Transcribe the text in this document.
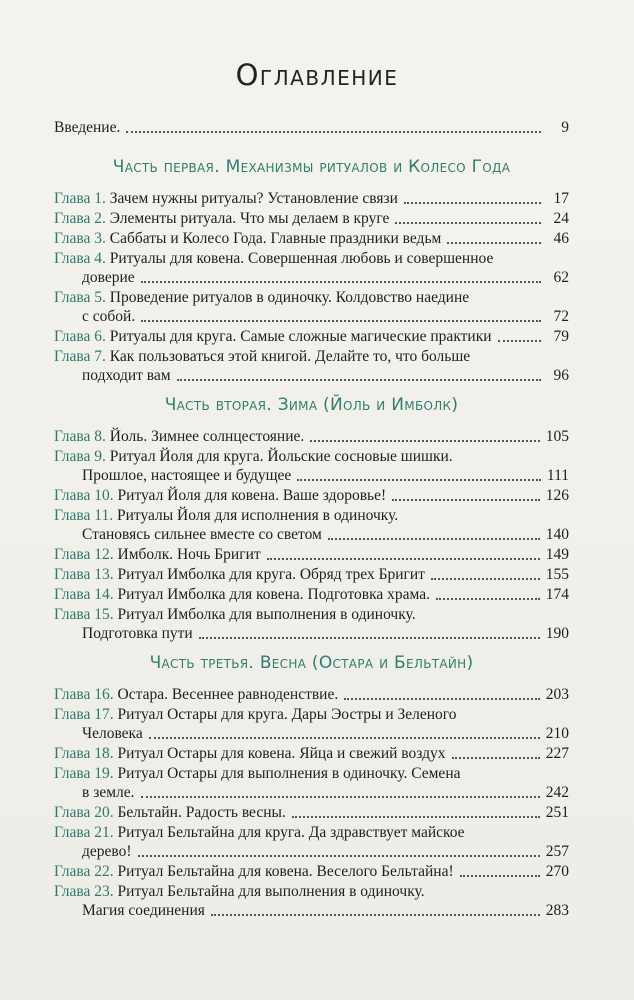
Оглавление
Введение.	9
Часть первая. Механизмы ритуалов и Колесо Года
Глава 1. Зачем нужны ритуалы? Установление связи	17
Глава 2. Элементы ритуала. Что мы делаем в круге	24
Глава 3. Саббаты и Колесо Года. Главные праздники ведьм	46
Глава 4. Ритуалы для ковена. Совершенная любовь и совершенное
доверие	62
Глава 5. Проведение ритуалов в одиночку. Колдовство наедине
с собой.	72
Глава 6. Ритуалы для круга. Самые сложные магические практики	79
Глава 7. Как пользоваться этой книгой. Делайте то, что больше
подходит вам	96
Часть вторая. Зима (Йоль и Имболк)
Глава 8. Йоль. Зимнее солнцестояние.	105
Глава 9. Ритуал Йоля для круга. Йольские сосновые шишки.
Прошлое, настоящее и будущее	111
Глава 10. Ритуал Йоля для ковена. Ваше здоровье!	126
Глава 11. Ритуалы Йоля для исполнения в одиночку.
Становясь сильнее вместе со светом	140
Глава 12. Имболк. Ночь Бригит	149
Глава 13. Ритуал Имболка для круга. Обряд трех Бригит	155
Глава 14. Ритуал Имболка для ковена. Подготовка храма.	174
Глава 15. Ритуал Имболка для выполнения в одиночку.
Подготовка пути	190
Часть третья. Весна (Остара и Бельтайн)
Глава 16. Остара. Весеннее равноденствие.	203
Глава 17. Ритуал Остары для круга. Дары Эостры и Зеленого
Человека	210
Глава 18. Ритуал Остары для ковена. Яйца и свежий воздух	227
Глава 19. Ритуал Остары для выполнения в одиночку. Семена
в земле.	242
Глава 20. Бельтайн. Радость весны.	251
Глава 21. Ритуал Бельтайна для круга. Да здравствует майское
дерево!	257
Глава 22. Ритуал Бельтайна для ковена. Веселого Бельтайна!	270
Глава 23. Ритуал Бельтайна для выполнения в одиночку.
Магия соединения	283
